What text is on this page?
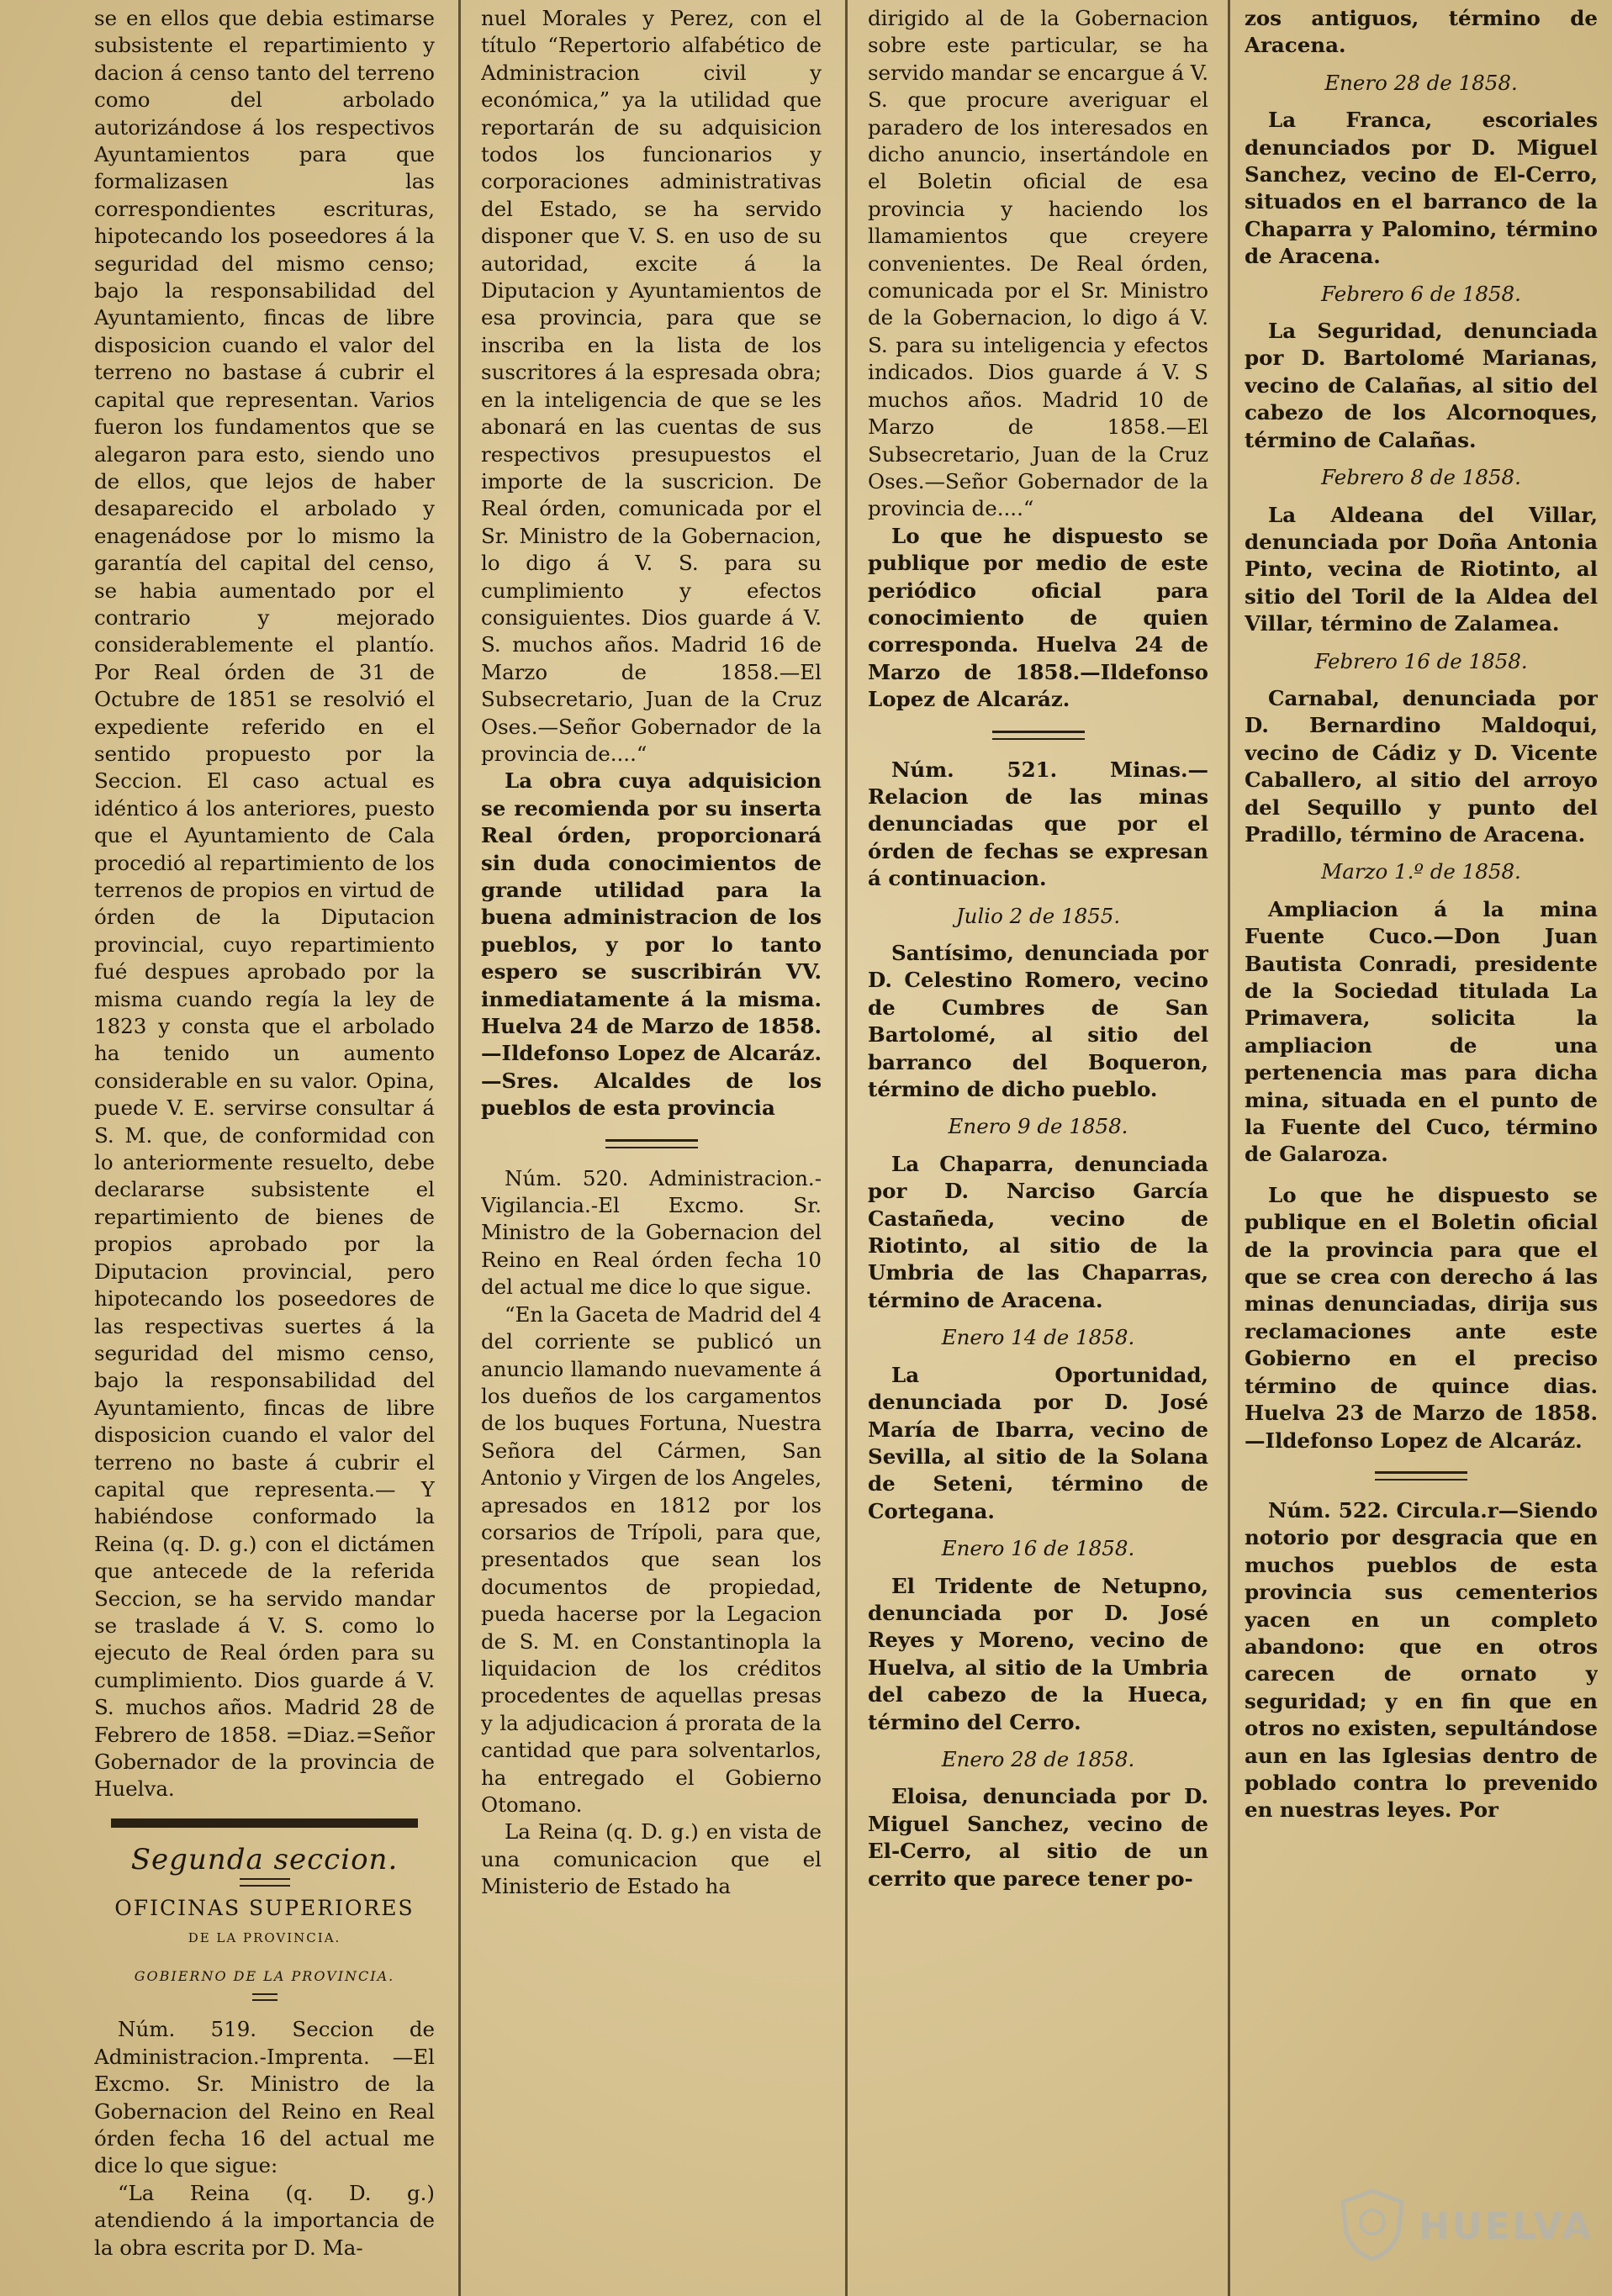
se en ellos que debia estimarse subsistente el repartimiento y dacion á censo tanto del terreno como del arbolado autorizándose á los respectivos Ayuntamientos para que formalizasen las correspondientes escrituras, hipotecando los poseedores á la seguridad del mismo censo; bajo la responsabilidad del Ayuntamiento, fincas de libre disposicion cuando el valor del terreno no bastase á cubrir el capital que representan. Varios fueron los fundamentos que se alegaron para esto, siendo uno de ellos, que lejos de haber desaparecido el arbolado y enagenádose por lo mismo la garantía del capital del censo, se habia aumentado por el contrario y mejorado considerablemente el plantío. Por Real órden de 31 de Octubre de 1851 se resolvió el expediente referido en el sentido propuesto por la Seccion. El caso actual es idéntico á los anteriores, puesto que el Ayuntamiento de Cala procedió al repartimiento de los terrenos de propios en virtud de órden de la Diputacion provincial, cuyo repartimiento fué despues aprobado por la misma cuando regía la ley de 1823 y consta que el arbolado ha tenido un aumento considerable en su valor. Opina, puede V. E. servirse consultar á S. M. que, de conformidad con lo anteriormente resuelto, debe declararse subsistente el repartimiento de bienes de propios aprobado por la Diputacion provincial, pero hipotecando los poseedores de las respectivas suertes á la seguridad del mismo censo, bajo la responsabilidad del Ayuntamiento, fincas de libre disposicion cuando el valor del terreno no baste á cubrir el capital que representa.— Y habiéndose conformado la Reina (q. D. g.) con el dictámen que antecede de la referida Seccion, se ha servido mandar se traslade á V. S. como lo ejecuto de Real órden para su cumplimiento. Dios guarde á V. S. muchos años. Madrid 28 de Febrero de 1858. =Diaz.=Señor Gobernador de la provincia de Huelva.

Segunda seccion.
OFICINAS SUPERIORES
DE LA PROVINCIA.
GOBIERNO DE LA PROVINCIA.

Núm. 519. Seccion de Administracion.-Imprenta. —El Excmo. Sr. Ministro de la Gobernacion del Reino en Real órden fecha 16 del actual me dice lo que sigue:

“La Reina (q. D. g.) atendiendo á la importancia de la obra escrita por D. Ma-

nuel Morales y Perez, con el título “Repertorio alfabético de Administracion civil y económica,” ya la utilidad que reportarán de su adquisicion todos los funcionarios y corporaciones administrativas del Estado, se ha servido disponer que V. S. en uso de su autoridad, excite á la Diputacion y Ayuntamientos de esa provincia, para que se inscriba en la lista de los suscritores á la espresada obra; en la inteligencia de que se les abonará en las cuentas de sus respectivos presupuestos el importe de la suscricion. De Real órden, comunicada por el Sr. Ministro de la Gobernacion, lo digo á V. S. para su cumplimiento y efectos consiguientes. Dios guarde á V. S. muchos años. Madrid 16 de Marzo de 1858.—El Subsecretario, Juan de la Cruz Oses.—Señor Gobernador de la provincia de....“

La obra cuya adquisicion se recomienda por su inserta Real órden, proporcionará sin duda conocimientos de grande utilidad para la buena administracion de los pueblos, y por lo tanto espero se suscribirán VV. inmediatamente á la misma. Huelva 24 de Marzo de 1858.—Ildefonso Lopez de Alcaráz.—Sres. Alcaldes de los pueblos de esta provincia

Núm. 520. Administracion.-Vigilancia.-El Excmo. Sr. Ministro de la Gobernacion del Reino en Real órden fecha 10 del actual me dice lo que sigue.

“En la Gaceta de Madrid del 4 del corriente se publicó un anuncio llamando nuevamente á los dueños de los cargamentos de los buques Fortuna, Nuestra Señora del Cármen, San Antonio y Virgen de los Angeles, apresados en 1812 por los corsarios de Trípoli, para que, presentados que sean los documentos de propiedad, pueda hacerse por la Legacion de S. M. en Constantinopla la liquidacion de los créditos procedentes de aquellas presas y la adjudicacion á prorata de la cantidad que para solventarlos, ha entregado el Gobierno Otomano.

La Reina (q. D. g.) en vista de una comunicacion que el Ministerio de Estado ha

dirigido al de la Gobernacion sobre este particular, se ha servido mandar se encargue á V. S. que procure averiguar el paradero de los interesados en dicho anuncio, insertándole en el Boletin oficial de esa provincia y haciendo los llamamientos que creyere convenientes. De Real órden, comunicada por el Sr. Ministro de la Gobernacion, lo digo á V. S. para su inteligencia y efectos indicados. Dios guarde á V. S muchos años. Madrid 10 de Marzo de 1858.—El Subsecretario, Juan de la Cruz Oses.—Señor Gobernador de la provincia de....“

Lo que he dispuesto se publique por medio de este periódico oficial para conocimiento de quien corresponda. Huelva 24 de Marzo de 1858.—Ildefonso Lopez de Alcaráz.

Núm. 521. Minas.—Relacion de las minas denunciadas que por el órden de fechas se expresan á continuacion.

Julio 2 de 1855.

Santísimo, denunciada por D. Celestino Romero, vecino de Cumbres de San Bartolomé, al sitio del barranco del Boqueron, término de dicho pueblo.

Enero 9 de 1858.

La Chaparra, denunciada por D. Narciso García Castañeda, vecino de Riotinto, al sitio de la Umbria de las Chaparras, término de Aracena.

Enero 14 de 1858.

La Oportunidad, denunciada por D. José María de Ibarra, vecino de Sevilla, al sitio de la Solana de Seteni, término de Cortegana.

Enero 16 de 1858.

El Tridente de Netupno, denunciada por D. José Reyes y Moreno, vecino de Huelva, al sitio de la Umbria del cabezo de la Hueca, término del Cerro.

Enero 28 de 1858.

Eloisa, denunciada por D. Miguel Sanchez, vecino de El-Cerro, al sitio de un cerrito que parece tener po-

zos antiguos, término de Aracena.

Enero 28 de 1858.

La Franca, escoriales denunciados por D. Miguel Sanchez, vecino de El-Cerro, situados en el barranco de la Chaparra y Palomino, término de Aracena.

Febrero 6 de 1858.

La Seguridad, denunciada por D. Bartolomé Marianas, vecino de Calañas, al sitio del cabezo de los Alcornoques, término de Calañas.

Febrero 8 de 1858.

La Aldeana del Villar, denunciada por Doña Antonia Pinto, vecina de Riotinto, al sitio del Toril de la Aldea del Villar, término de Zalamea.

Febrero 16 de 1858.

Carnabal, denunciada por D. Bernardino Maldoqui, vecino de Cádiz y D. Vicente Caballero, al sitio del arroyo del Sequillo y punto del Pradillo, término de Aracena.

Marzo 1.º de 1858.

Ampliacion á la mina Fuente Cuco.—Don Juan Bautista Conradi, presidente de la Sociedad titulada La Primavera, solicita la ampliacion de una pertenencia mas para dicha mina, situada en el punto de la Fuente del Cuco, término de Galaroza.

Lo que he dispuesto se publique en el Boletin oficial de la provincia para que el que se crea con derecho á las minas denunciadas, dirija sus reclamaciones ante este Gobierno en el preciso término de quince dias. Huelva 23 de Marzo de 1858.—Ildefonso Lopez de Alcaráz.

Núm. 522. Circula.r—Siendo notorio por desgracia que en muchos pueblos de esta provincia sus cementerios yacen en un completo abandono: que en otros carecen de ornato y seguridad; y en fin que en otros no existen, sepultándose aun en las Iglesias dentro de poblado contra lo prevenido en nuestras leyes. Por

HUELVA
